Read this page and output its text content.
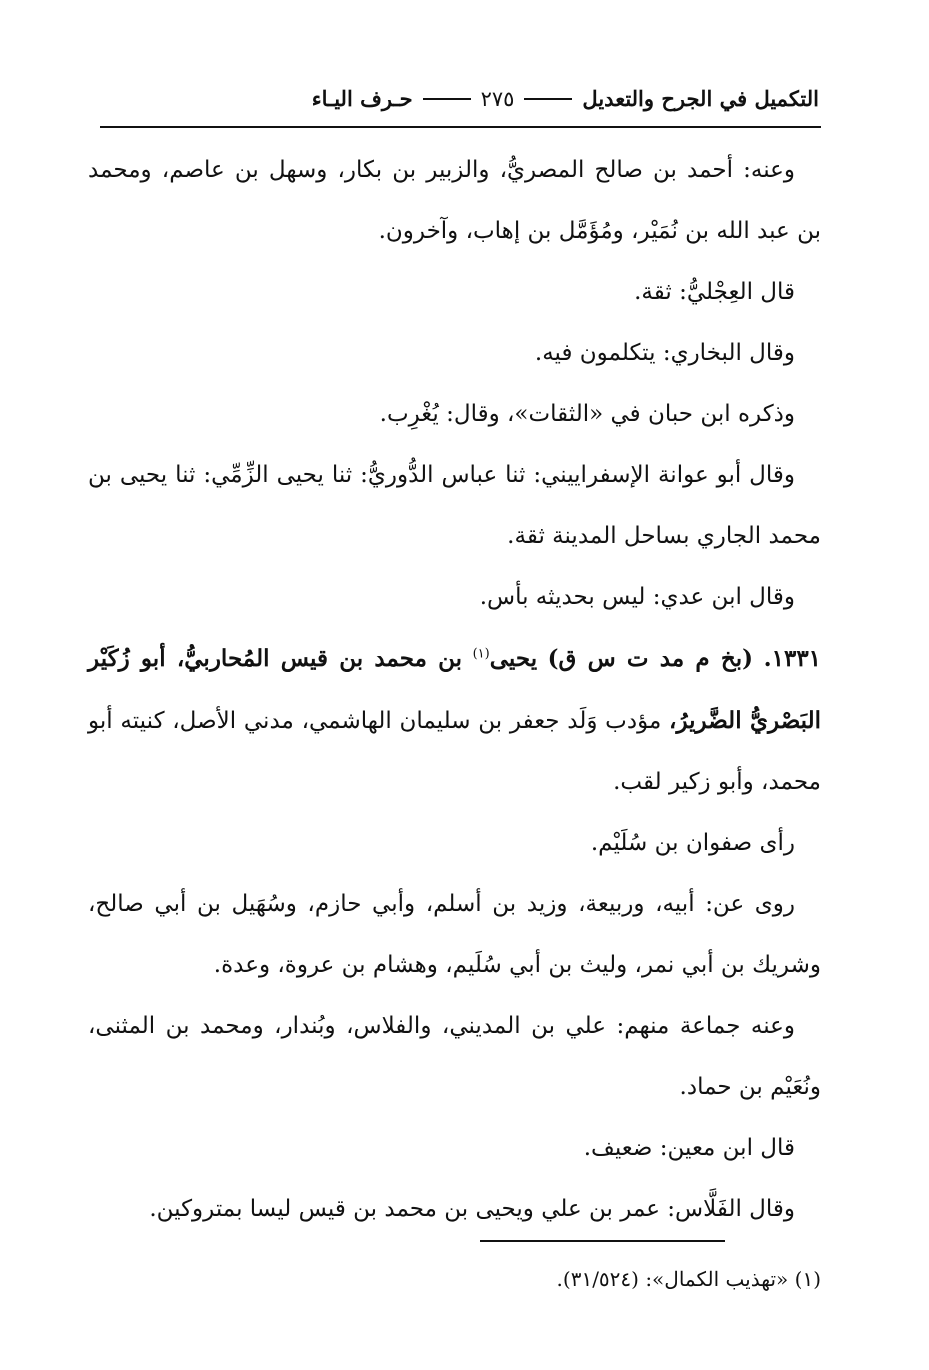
التكميل في الجرح والتعديل
٢٧٥
حـرف اليـاء

وعنه: أحمد بن صالح المصريُّ، والزبير بن بكار، وسهل بن عاصم، ومحمد بن عبد الله بن نُمَيْر، ومُؤَمَّل بن إهاب، وآخرون.

قال العِجْليُّ: ثقة.

وقال البخاري: يتكلمون فيه.

وذكره ابن حبان في «الثقات»، وقال: يُغْرِب.

وقال أبو عوانة الإسفراييني: ثنا عباس الدُّوريُّ: ثنا يحيى الزِّمِّي: ثنا يحيى بن محمد الجاري بساحل المدينة ثقة.

وقال ابن عدي: ليس بحديثه بأس.

١٣٣١. (بخ م مد ت س ق) يحيى$^{(١)}$ بن محمد بن قيس المُحاربيُّ، أبو زُكَيْر البَصْريُّ الضَّريرُ، مؤدب وَلَد جعفر بن سليمان الهاشمي، مدني الأصل، كنيته أبو محمد، وأبو زكير لقب.

رأى صفوان بن سُلَيْم.

روى عن: أبيه، وربيعة، وزيد بن أسلم، وأبي حازم، وسُهَيل بن أبي صالح، وشريك بن أبي نمر، وليث بن أبي سُلَيم، وهشام بن عروة، وعدة.

وعنه جماعة منهم: علي بن المديني، والفلاس، وبُندار، ومحمد بن المثنى، ونُعَيْم بن حماد.

قال ابن معين: ضعيف.

وقال الفَلَّاس: عمر بن علي ويحيى بن محمد بن قيس ليسا بمتروكين.

(١) «تهذيب الكمال»: (٣١/٥٢٤).
